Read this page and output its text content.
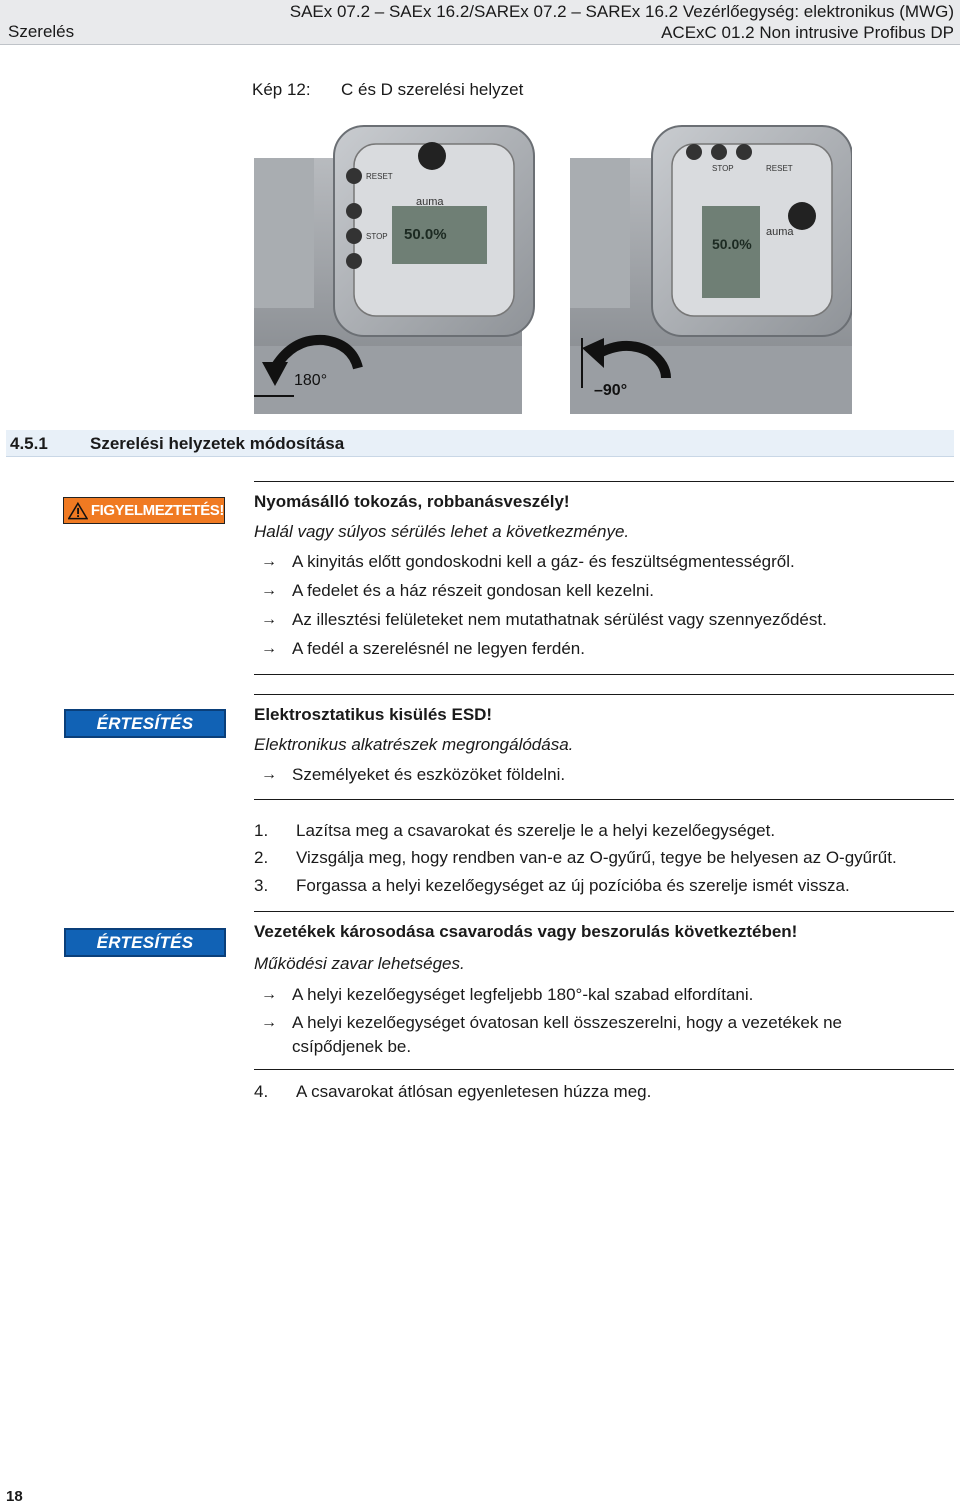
Szerelés
SAEx 07.2 – SAEx 16.2/SAREx 07.2 – SAREx 16.2 Vezérlőegység: elektronikus (MWG)
ACExC 01.2 Non intrusive Profibus DP
Kép 12: C és D szerelési helyzet
50.0%
auma
RESET
STOP	50.0%
auma
STOP	RESET
180°
–90°
4.5.1 Szerelési helyzetek módosítása
FIGYELMEZTETÉS! Nyomásálló tokozás, robbanásveszély!
Halál vagy súlyos sérülés lehet a következménye.
→ A kinyitás előtt gondoskodni kell a gáz- és feszültségmentességről.
→ A fedelet és a ház részeit gondosan kell kezelni.
→ Az illesztési felületeket nem mutathatnak sérülést vagy szennyeződést.
→ A fedél a szerelésnél ne legyen ferdén.
ÉRTESÍTÉS	Elektrosztatikus kisülés ESD!
Elektronikus alkatrészek megrongálódása.
→ Személyeket és eszközöket földelni.
1. Lazítsa meg a csavarokat és szerelje le a helyi kezelőegységet.
2. Vizsgálja meg, hogy rendben van-e az O-gyűrű, tegye be helyesen az O-gyűrűt.
3. Forgassa a helyi kezelőegységet az új pozícióba és szerelje ismét vissza.
ÉRTESÍTÉS
Vezetékek károsodása csavarodás vagy beszorulás következtében!
Működési zavar lehetséges.
→ A helyi kezelőegységet legfeljebb 180°-kal szabad elfordítani.
→ A helyi kezelőegységet óvatosan kell összeszerelni, hogy a vezetékek ne
csípődjenek be.
4. A csavarokat átlósan egyenletesen húzza meg.
18
